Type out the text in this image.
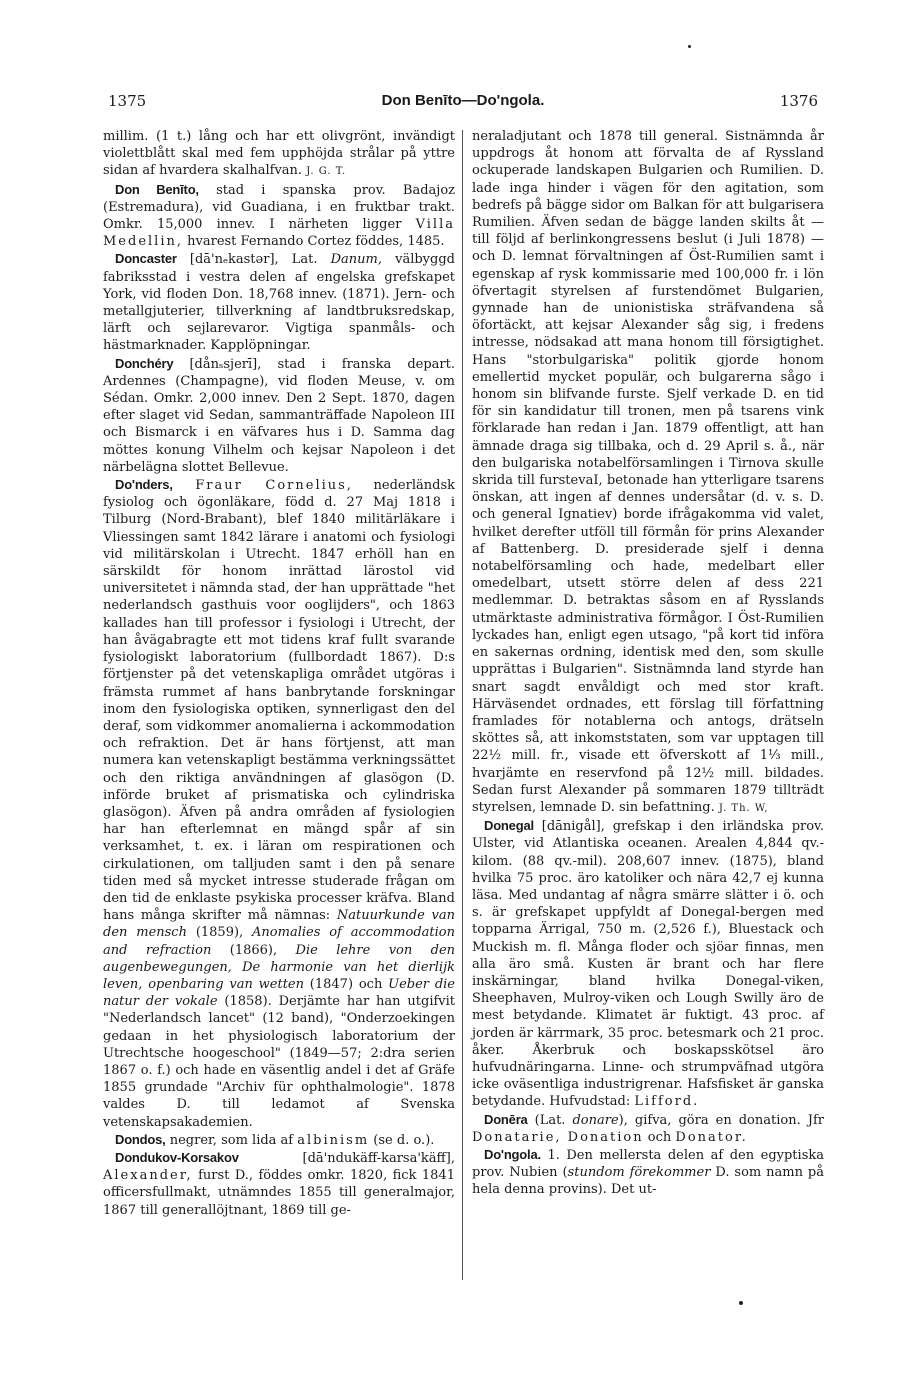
1375	Don Benīto—Do'ngola.	1376

millim. (1 t.) lång och har ett olivgrönt, invändigt violettblått skal med fem upphöjda strålar på yttre sidan af hvardera skalhalfvan. J. G. T.

Don Benīto, stad i spanska prov. Badajoz (Estremadura), vid Guadiana, i en fruktbar trakt. Omkr. 15,000 innev. I närheten ligger Villa Medellin, hvarest Fernando Cortez föddes, 1485.

Doncaster [dā'nₑkastər], Lat. Danum, välbyggd fabriksstad i vestra delen af engelska grefskapet York, vid floden Don. 18,768 innev. (1871). Jern- och metallgjuterier, tillverkning af landtbruksredskap, lärft och sejlarevaror. Vigtiga spanmåls- och hästmarknader. Kapplöpningar.

Donchéry [dånₛsjerī], stad i franska depart. Ardennes (Champagne), vid floden Meuse, v. om Sédan. Omkr. 2,000 innev. Den 2 Sept. 1870, dagen efter slaget vid Sedan, sammanträffade Napoleon III och Bismarck i en väfvares hus i D. Samma dag möttes konung Vilhelm och kejsar Napoleon i det närbelägna slottet Bellevue.

Do'nders, Fraur Cornelius, nederländsk fysiolog och ögonläkare, född d. 27 Maj 1818 i Tilburg (Nord-Brabant), blef 1840 militärläkare i Vliessingen samt 1842 lärare i anatomi och fysiologi vid militärskolan i Utrecht. 1847 erhöll han en särskildt för honom inrättad lärostol vid universitetet i nämnda stad, der han upprättade "het nederlandsch gasthuis voor ooglijders", och 1863 kallades han till professor i fysiologi i Utrecht, der han åvägabragte ett mot tidens kraf fullt svarande fysiologiskt laboratorium (fullbordadt 1867). D:s förtjenster på det vetenskapliga området utgöras i främsta rummet af hans banbrytande forskningar inom den fysiologiska optiken, synnerligast den del deraf, som vidkommer anomalierna i ackommodation och refraktion. Det är hans förtjenst, att man numera kan vetenskapligt bestämma verkningssättet och den riktiga användningen af glasögon (D. införde bruket af prismatiska och cylindriska glasögon). Äfven på andra områden af fysiologien har han efterlemnat en mängd spår af sin verksamhet, t. ex. i läran om respirationen och cirkulationen, om talljuden samt i den på senare tiden med så mycket intresse studerade frågan om den tid de enklaste psykiska processer kräfva. Bland hans många skrifter må nämnas: Natuurkunde van den mensch (1859), Anomalies of accommodation and refraction (1866), Die lehre von den augenbewegungen, De harmonie van het dierlijk leven, openbaring van wetten (1847) och Ueber die natur der vokale (1858). Derjämte har han utgifvit "Nederlandsch lancet" (12 band), "Onderzoekingen gedaan in het physiologisch laboratorium der Utrechtsche hoogeschool" (1849—57; 2:dra serien 1867 o. f.) och hade en väsentlig andel i det af Gräfe 1855 grundade "Archiv für ophthalmologie". 1878 valdes D. till ledamot af Svenska vetenskapsakademien.

Dondos, negrer, som lida af albinism (se d. o.).

Dondukov-Korsakov [dā'ndukäff-karsa'käff], Alexander, furst D., föddes omkr. 1820, fick 1841 officersfullmakt, utnämndes 1855 till generalmajor, 1867 till generallöjtnant, 1869 till ge-

neraladjutant och 1878 till general. Sistnämnda år uppdrogs åt honom att förvalta de af Ryssland ockuperade landskapen Bulgarien och Rumilien. D. lade inga hinder i vägen för den agitation, som bedrefs på bägge sidor om Balkan för att bulgarisera Rumilien. Äfven sedan de bägge landen skilts åt — till följd af berlinkongressens beslut (i Juli 1878) — och D. lemnat förvaltningen af Öst-Rumilien samt i egenskap af rysk kommissarie med 100,000 fr. i lön öfvertagit styrelsen af furstendömet Bulgarien, gynnade han de unionistiska sträfvandena så öfortäckt, att kejsar Alexander såg sig, i fredens intresse, nödsakad att mana honom till försigtighet. Hans "storbulgariska" politik gjorde honom emellertid mycket populär, och bulgarerna sågo i honom sin blifvande furste. Sjelf verkade D. en tid för sin kandidatur till tronen, men på tsarens vink förklarade han redan i Jan. 1879 offentligt, att han ämnade draga sig tillbaka, och d. 29 April s. å., när den bulgariska notabelförsamlingen i Tirnova skulle skrida till furstevaI, betonade han ytterligare tsarens önskan, att ingen af dennes undersåtar (d. v. s. D. och general Ignatiev) borde ifrågakomma vid valet, hvilket derefter utföll till förmån för prins Alexander af Battenberg. D. presiderade sjelf i denna notabelförsamling och hade, medelbart eller omedelbart, utsett större delen af dess 221 medlemmar. D. betraktas såsom en af Rysslands utmärktaste administrativa förmågor. I Öst-Rumilien lyckades han, enligt egen utsago, "på kort tid införa en sakernas ordning, identisk med den, som skulle upprättas i Bulgarien". Sistnämnda land styrde han snart sagdt envåldigt och med stor kraft. Härväsendet ordnades, ett förslag till författning framlades för notablerna och antogs, drätseln sköttes så, att inkomststaten, som var upptagen till 22½ mill. fr., visade ett öfverskott af 1⅓ mill., hvarjämte en reservfond på 12½ mill. bildades. Sedan furst Alexander på sommaren 1879 tillträdt styrelsen, lemnade D. sin befattning. J. Th. W,

Donegal [dānigål], grefskap i den irländska prov. Ulster, vid Atlantiska oceanen. Arealen 4,844 qv.-kilom. (88 qv.-mil). 208,607 innev. (1875), bland hvilka 75 proc. äro katoliker och nära 42,7 ej kunna läsa. Med undantag af några smärre slätter i ö. och s. är grefskapet uppfyldt af Donegal-bergen med topparna Ärrigal, 750 m. (2,526 f.), Bluestack och Muckish m. fl. Många floder och sjöar finnas, men alla äro små. Kusten är brant och har flere inskärningar, bland hvilka Donegal-viken, Sheephaven, Mulroy-viken och Lough Swilly äro de mest betydande. Klimatet är fuktigt. 43 proc. af jorden är kärrmark, 35 proc. betesmark och 21 proc. åker. Åkerbruk och boskapsskötsel äro hufvudnäringarna. Linne- och strumpväfnad utgöra icke oväsentliga industrigrenar. Hafsfisket är ganska betydande. Hufvudstad: Lifford.

Donēra (Lat. donare), gifva, göra en donation. Jfr Donatarie, Donation och Donator.

Do'ngola. 1. Den mellersta delen af den egyptiska prov. Nubien (stundom förekommer D. som namn på hela denna provins). Det ut-
